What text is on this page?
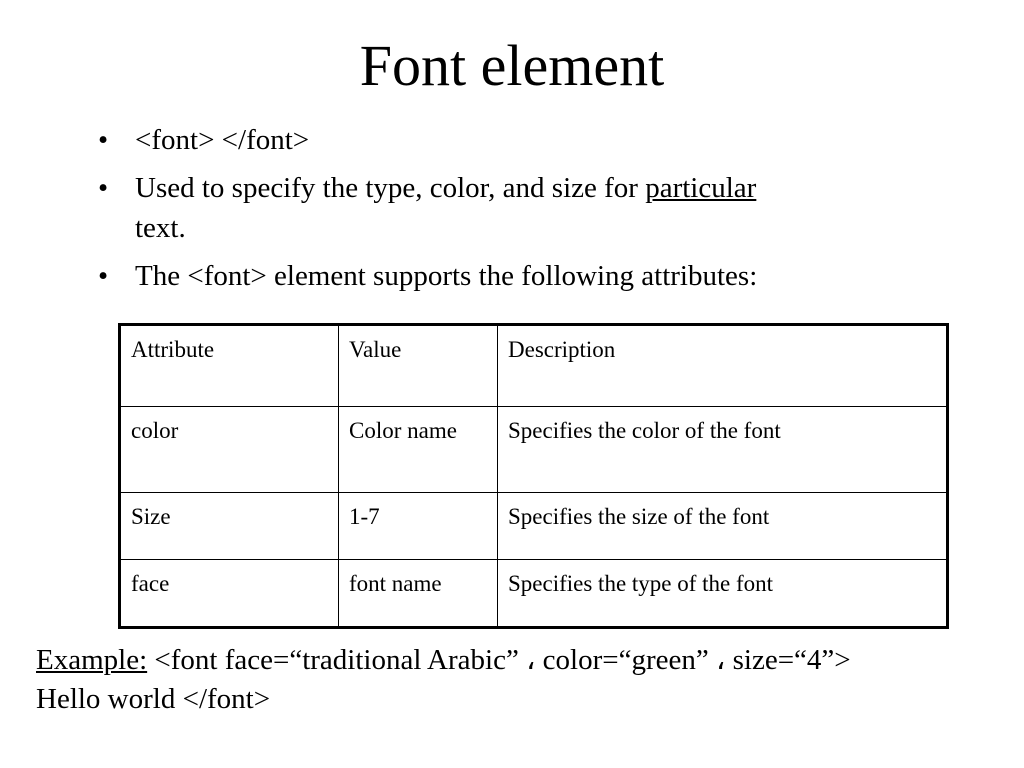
Font element
• <font> </font>
• Used to specify the type, color, and size for particular
text.
• The <font> element supports the following attributes:
Attribute	Value	Description
color	Color name	Specifies the color of the font
Size	1-7	Specifies the size of the font
face	font name	Specifies the type of the font
Example: <font face=“traditional Arabic” ، color=“green” ، size=“4”>
Hello world </font>
